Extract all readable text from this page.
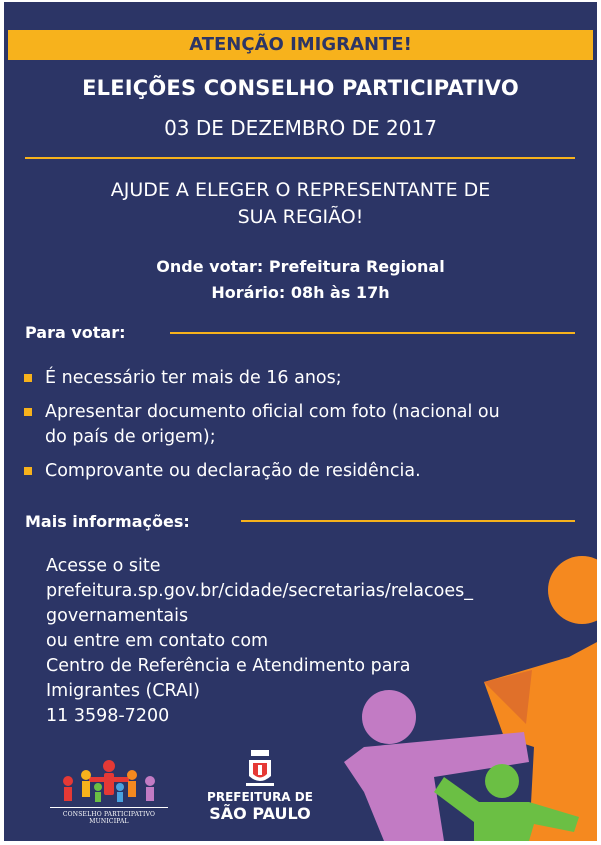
ATENÇÃO IMIGRANTE!
ELEIÇÕES CONSELHO PARTICIPATIVO
03 DE DEZEMBRO DE 2017
AJUDE A ELEGER O REPRESENTANTE DE
SUA REGIÃO!
Onde votar: Prefeitura Regional
Horário: 08h às 17h
Para votar:
É necessário ter mais de 16 anos;
Apresentar documento oficial com foto (nacional ou
do país de origem);
Comprovante ou declaração de residência.
Mais informações:
Acesse o site
prefeitura.sp.gov.br/cidade/secretarias/relacoes_
governamentais
ou entre em contato com
Centro de Referência e Atendimento para
Imigrantes (CRAI)
11 3598-7200
CONSELHO PARTICIPATIVO MUNICIPAL
PREFEITURA DE
SÃO PAULO
